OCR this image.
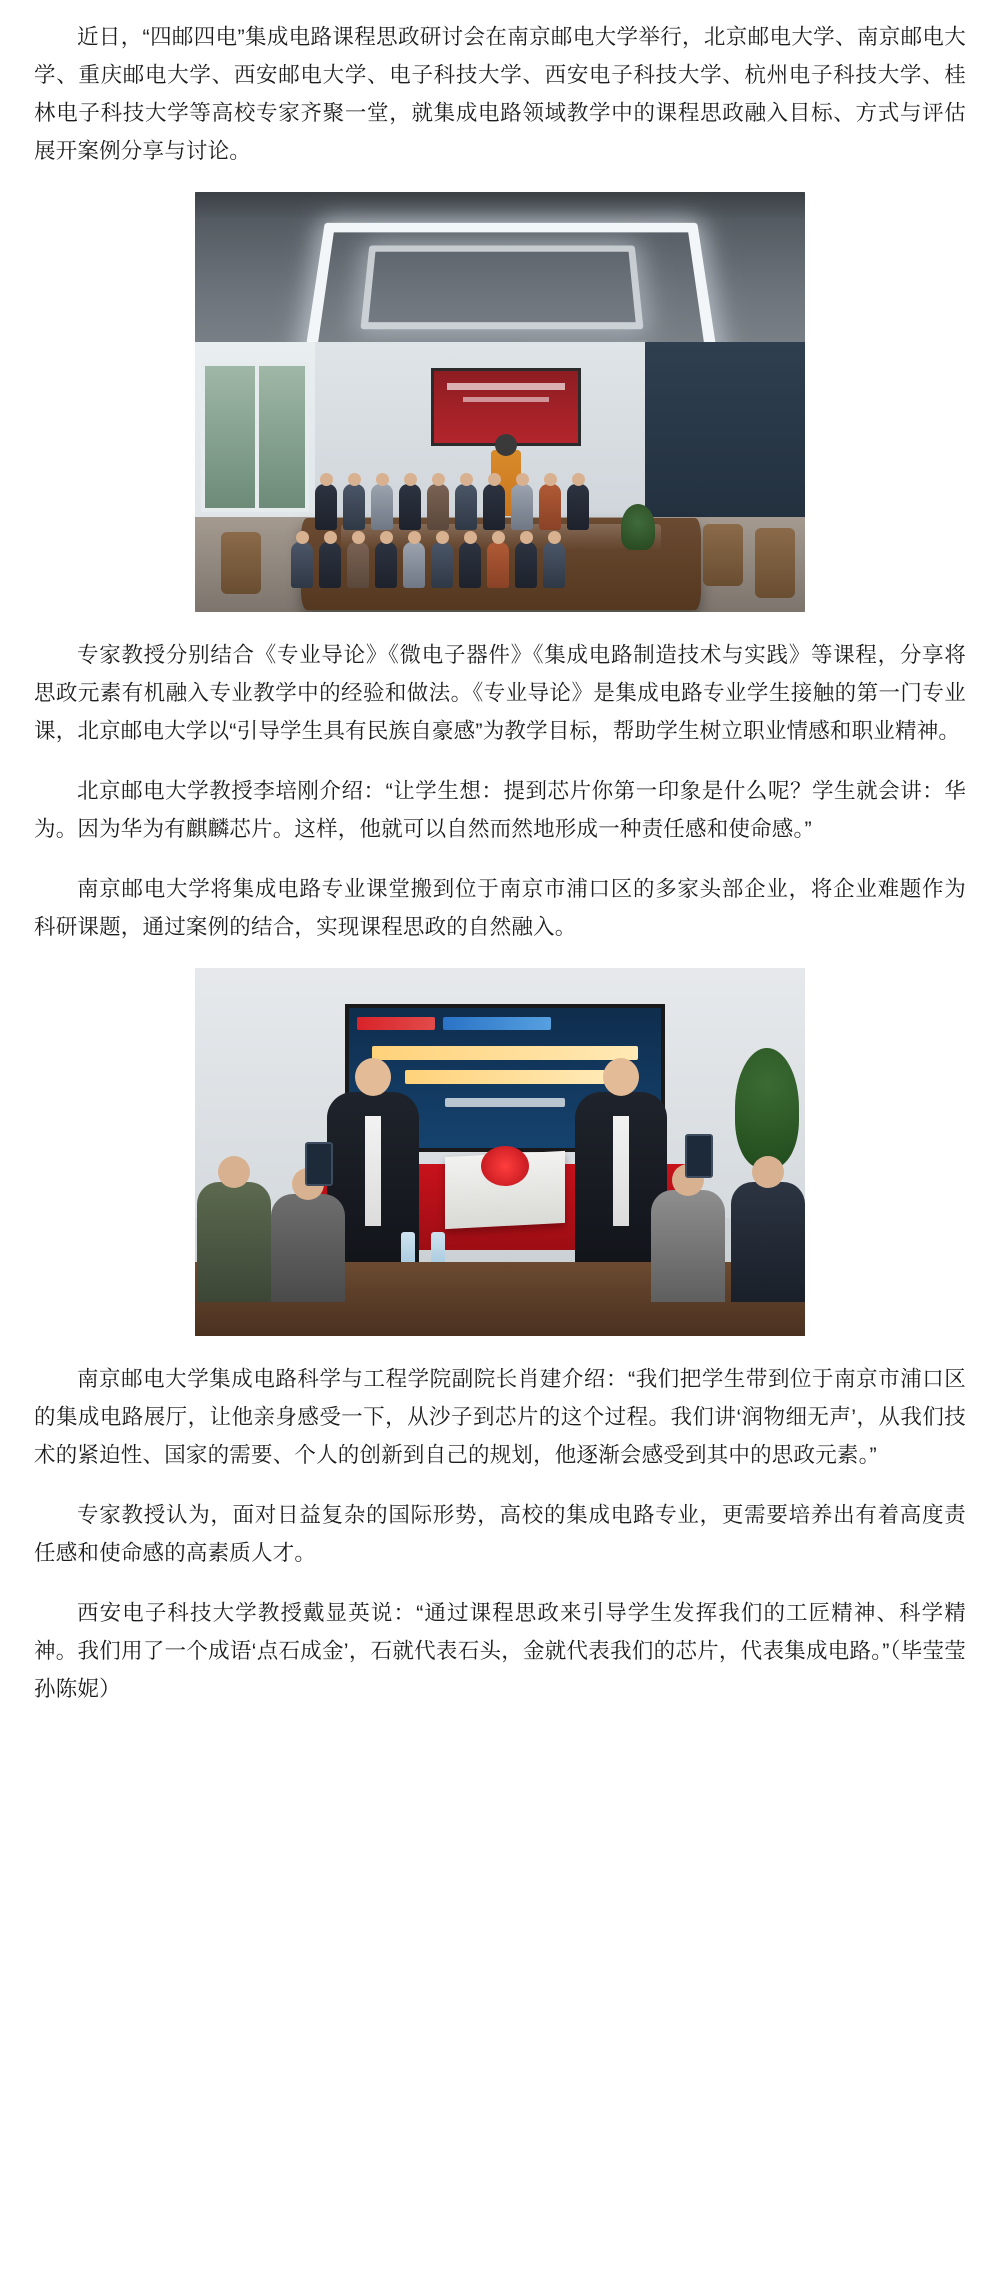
近日，“四邮四电”集成电路课程思政研讨会在南京邮电大学举行，北京邮电大学、南京邮电大学、重庆邮电大学、西安邮电大学、电子科技大学、西安电子科技大学、杭州电子科技大学、桂林电子科技大学等高校专家齐聚一堂，就集成电路领域教学中的课程思政融入目标、方式与评估展开案例分享与讨论。

专家教授分别结合《专业导论》《微电子器件》《集成电路制造技术与实践》等课程，分享将思政元素有机融入专业教学中的经验和做法。《专业导论》是集成电路专业学生接触的第一门专业课，北京邮电大学以“引导学生具有民族自豪感”为教学目标，帮助学生树立职业情感和职业精神。

北京邮电大学教授李培刚介绍：“让学生想：提到芯片你第一印象是什么呢？学生就会讲：华为。因为华为有麒麟芯片。这样，他就可以自然而然地形成一种责任感和使命感。”

南京邮电大学将集成电路专业课堂搬到位于南京市浦口区的多家头部企业，将企业难题作为科研课题，通过案例的结合，实现课程思政的自然融入。

南京邮电大学集成电路科学与工程学院副院长肖建介绍：“我们把学生带到位于南京市浦口区的集成电路展厅，让他亲身感受一下，从沙子到芯片的这个过程。我们讲‘润物细无声’，从我们技术的紧迫性、国家的需要、个人的创新到自己的规划，他逐渐会感受到其中的思政元素。”

专家教授认为，面对日益复杂的国际形势，高校的集成电路专业，更需要培养出有着高度责任感和使命感的高素质人才。

西安电子科技大学教授戴显英说：“通过课程思政来引导学生发挥我们的工匠精神、科学精神。我们用了一个成语‘点石成金’，石就代表石头，金就代表我们的芯片，代表集成电路。”（毕莹莹 孙陈妮）
